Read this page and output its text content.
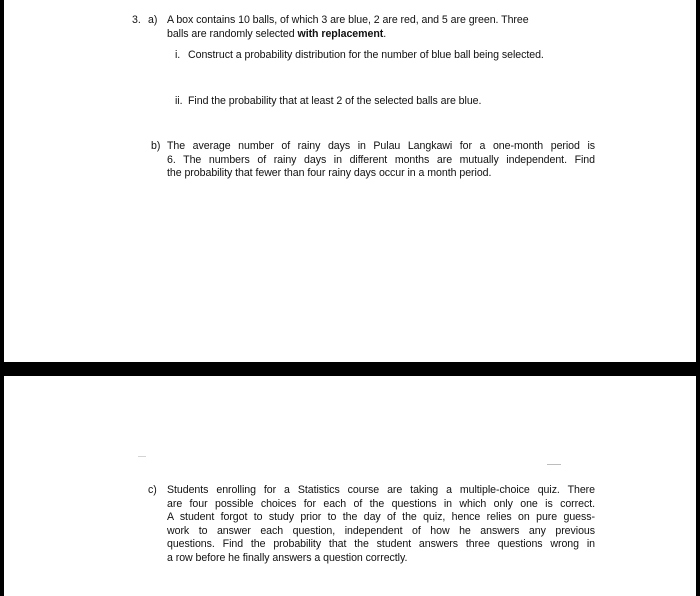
3. a) A box contains 10 balls, of which 3 are blue, 2 are red, and 5 are green. Three
balls are randomly selected with replacement.
i. Construct a probability distribution for the number of blue ball being selected.
ii. Find the probability that at least 2 of the selected balls are blue.
b) The average number of rainy days in Pulau Langkawi for a one-month period is
6. The numbers of rainy days in different months are mutually independent. Find
the probability that fewer than four rainy days occur in a month period.
c) Students enrolling for a Statistics course are taking a multiple-choice quiz. There
are four possible choices for each of the questions in which only one is correct.
A student forgot to study prior to the day of the quiz, hence relies on pure guess-
work to answer each question, independent of how he answers any previous
questions. Find the probability that the student answers three questions wrong in
a row before he finally answers a question correctly.
